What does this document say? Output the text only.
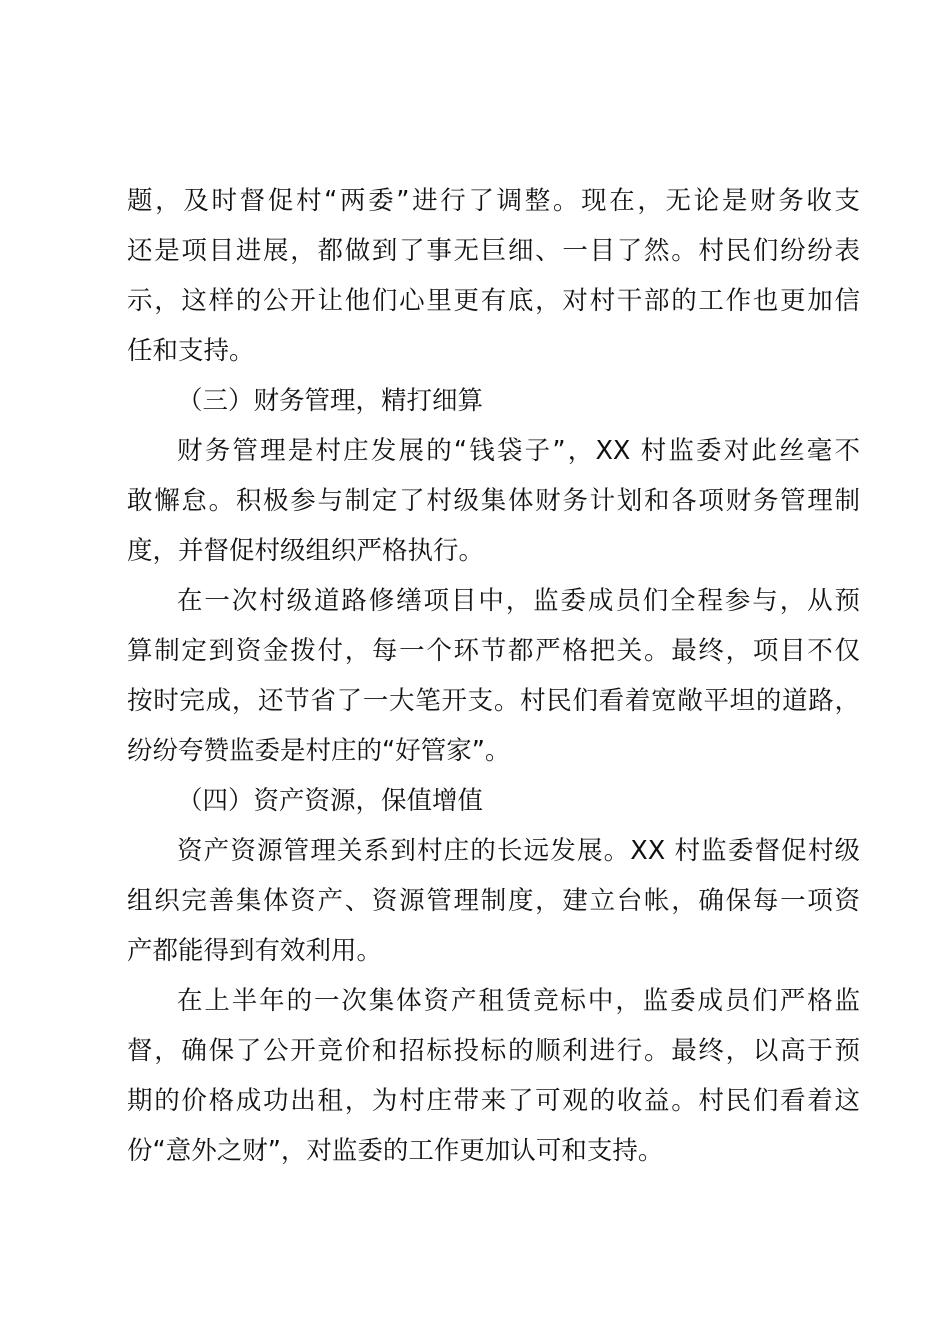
题，及时督促村“两委”进行了调整。现在，无论是财务收支
还是项目进展，都做到了事无巨细、一目了然。村民们纷纷表
示，这样的公开让他们心里更有底，对村干部的工作也更加信
任和支持。
（三）财务管理，精打细算
财务管理是村庄发展的“钱袋子”，XX 村监委对此丝毫不
敢懈怠。积极参与制定了村级集体财务计划和各项财务管理制
度，并督促村级组织严格执行。
在一次村级道路修缮项目中，监委成员们全程参与，从预
算制定到资金拨付，每一个环节都严格把关。最终，项目不仅
按时完成，还节省了一大笔开支。村民们看着宽敞平坦的道路，
纷纷夸赞监委是村庄的“好管家”。
（四）资产资源，保值增值
资产资源管理关系到村庄的长远发展。XX 村监委督促村级
组织完善集体资产、资源管理制度，建立台帐，确保每一项资
产都能得到有效利用。
在上半年的一次集体资产租赁竞标中，监委成员们严格监
督，确保了公开竞价和招标投标的顺利进行。最终，以高于预
期的价格成功出租，为村庄带来了可观的收益。村民们看着这
份“意外之财”，对监委的工作更加认可和支持。
